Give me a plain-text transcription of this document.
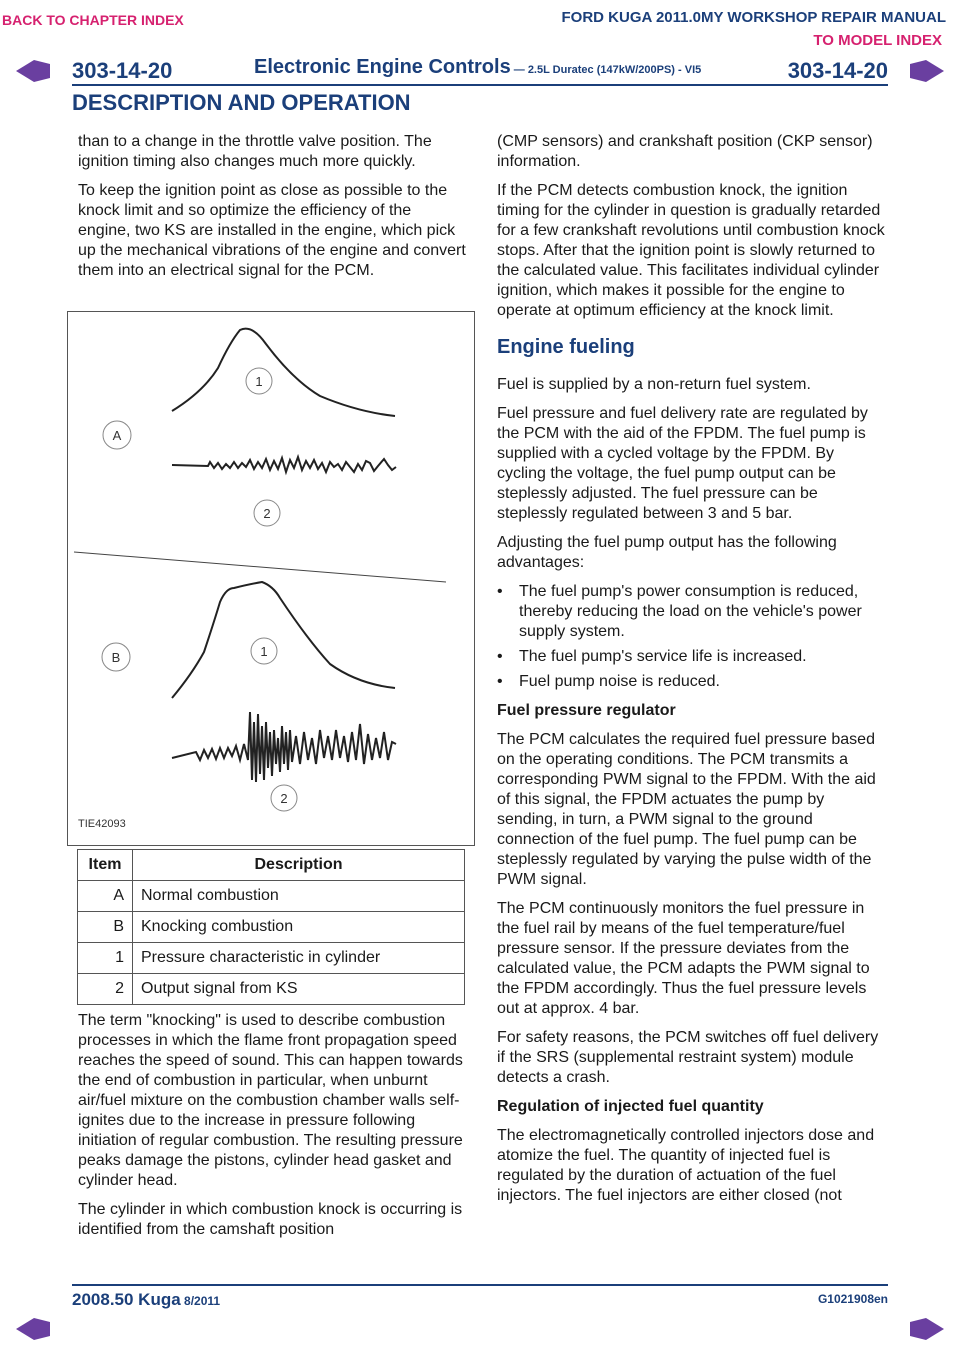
BACK TO CHAPTER INDEX	FORD KUGA 2011.0MY WORKSHOP REPAIR MANUAL
TO MODEL INDEX
303-14-20	Electronic Engine Controls — 2.5L Duratec (147kW/200PS) - VI5	303-14-20
DESCRIPTION AND OPERATION

than to a change in the throttle valve position. The ignition timing also changes much more quickly.

To keep the ignition point as close as possible to the knock limit and so optimize the efficiency of the engine, two KS are installed in the engine, which pick up the mechanical vibrations of the engine and convert them into an electrical signal for the PCM.

1
A
2
1
B
2
TIE42093
Item	Description
A	Normal combustion
B	Knocking combustion
1	Pressure characteristic in cylinder
2	Output signal from KS

The term "knocking" is used to describe combustion processes in which the flame front propagation speed reaches the speed of sound. This can happen towards the end of combustion in particular, when unburnt air/fuel mixture on the combustion chamber walls self-ignites due to the increase in pressure following initiation of regular combustion. The resulting pressure peaks damage the pistons, cylinder head gasket and cylinder head.

The cylinder in which combustion knock is occurring is identified from the camshaft position

(CMP sensors) and crankshaft position (CKP sensor) information.

If the PCM detects combustion knock, the ignition timing for the cylinder in question is gradually retarded for a few crankshaft revolutions until combustion knock stops. After that the ignition point is slowly returned to the calculated value. This facilitates individual cylinder ignition, which makes it possible for the engine to operate at optimum efficiency at the knock limit.

Engine fueling

Fuel is supplied by a non-return fuel system.

Fuel pressure and fuel delivery rate are regulated by the PCM with the aid of the FPDM. The fuel pump is supplied with a cycled voltage by the FPDM. By cycling the voltage, the fuel pump output can be steplessly adjusted. The fuel pressure can be steplessly regulated between 3 and 5 bar.

Adjusting the fuel pump output has the following advantages:

•	The fuel pump's power consumption is reduced, thereby reducing the load on the vehicle's power supply system.
•	The fuel pump's service life is increased.
•	Fuel pump noise is reduced.
Fuel pressure regulator

The PCM calculates the required fuel pressure based on the operating conditions. The PCM transmits a corresponding PWM signal to the FPDM. With the aid of this signal, the FPDM actuates the pump by sending, in turn, a PWM signal to the ground connection of the fuel pump. The fuel pump can be steplessly regulated by varying the pulse width of the PWM signal.

The PCM continuously monitors the fuel pressure in the fuel rail by means of the fuel temperature/fuel pressure sensor. If the pressure deviates from the calculated value, the PCM adapts the PWM signal to the FPDM accordingly. Thus the fuel pressure levels out at approx. 4 bar.

For safety reasons, the PCM switches off fuel delivery if the SRS (supplemental restraint system) module detects a crash.

Regulation of injected fuel quantity

The electromagnetically controlled injectors dose and atomize the fuel. The quantity of injected fuel is regulated by the duration of actuation of the fuel injectors. The fuel injectors are either closed (not

2008.50 Kuga 8/2011	G1021908en
